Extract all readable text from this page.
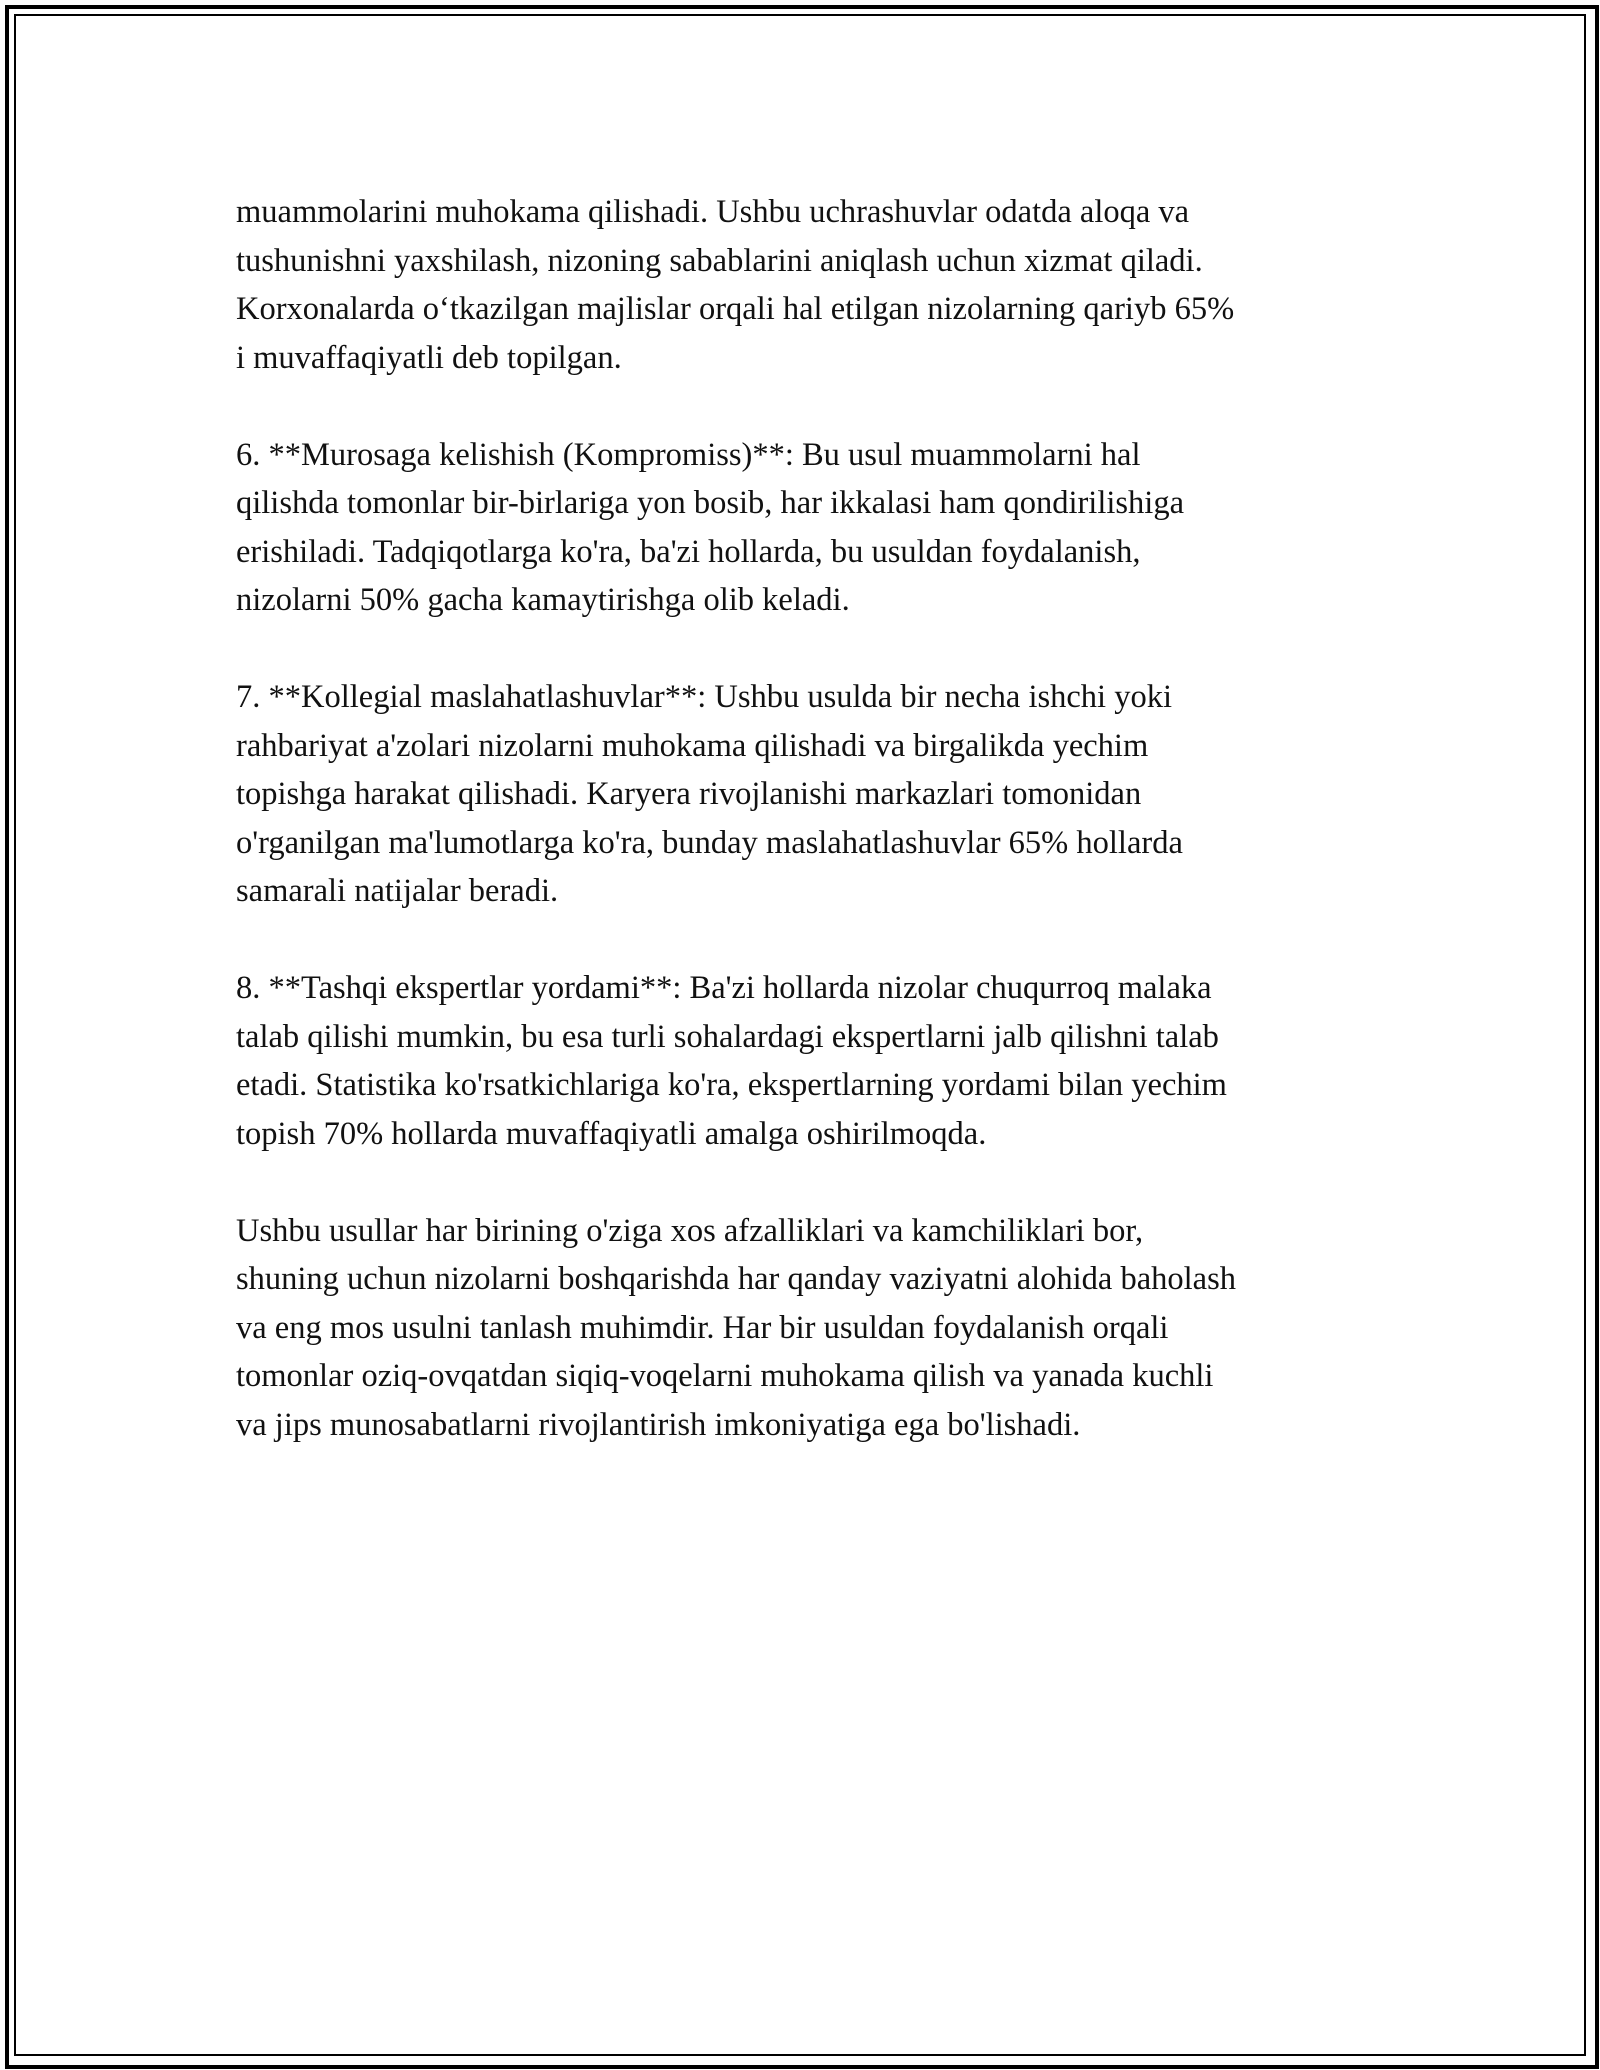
muammolarini muhokama qilishadi. Ushbu uchrashuvlar odatda aloqa va
tushunishni yaxshilash, nizoning sabablarini aniqlash uchun xizmat qiladi.
Korxonalarda o‘tkazilgan majlislar orqali hal etilgan nizolarning qariyb 65%
i muvaffaqiyatli deb topilgan.

6. **Murosaga kelishish (Kompromiss)**: Bu usul muammolarni hal
qilishda tomonlar bir-birlariga yon bosib, har ikkalasi ham qondirilishiga
erishiladi. Tadqiqotlarga ko'ra, ba'zi hollarda, bu usuldan foydalanish,
nizolarni 50% gacha kamaytirishga olib keladi.

7. **Kollegial maslahatlashuvlar**: Ushbu usulda bir necha ishchi yoki
rahbariyat a'zolari nizolarni muhokama qilishadi va birgalikda yechim
topishga harakat qilishadi. Karyera rivojlanishi markazlari tomonidan
o'rganilgan ma'lumotlarga ko'ra, bunday maslahatlashuvlar 65% hollarda
samarali natijalar beradi.

8. **Tashqi ekspertlar yordami**: Ba'zi hollarda nizolar chuqurroq malaka
talab qilishi mumkin, bu esa turli sohalardagi ekspertlarni jalb qilishni talab
etadi. Statistika ko'rsatkichlariga ko'ra, ekspertlarning yordami bilan yechim
topish 70% hollarda muvaffaqiyatli amalga oshirilmoqda.

Ushbu usullar har birining o'ziga xos afzalliklari va kamchiliklari bor,
shuning uchun nizolarni boshqarishda har qanday vaziyatni alohida baholash
va eng mos usulni tanlash muhimdir. Har bir usuldan foydalanish orqali
tomonlar oziq-ovqatdan siqiq-voqelarni muhokama qilish va yanada kuchli
va jips munosabatlarni rivojlantirish imkoniyatiga ega bo'lishadi.
